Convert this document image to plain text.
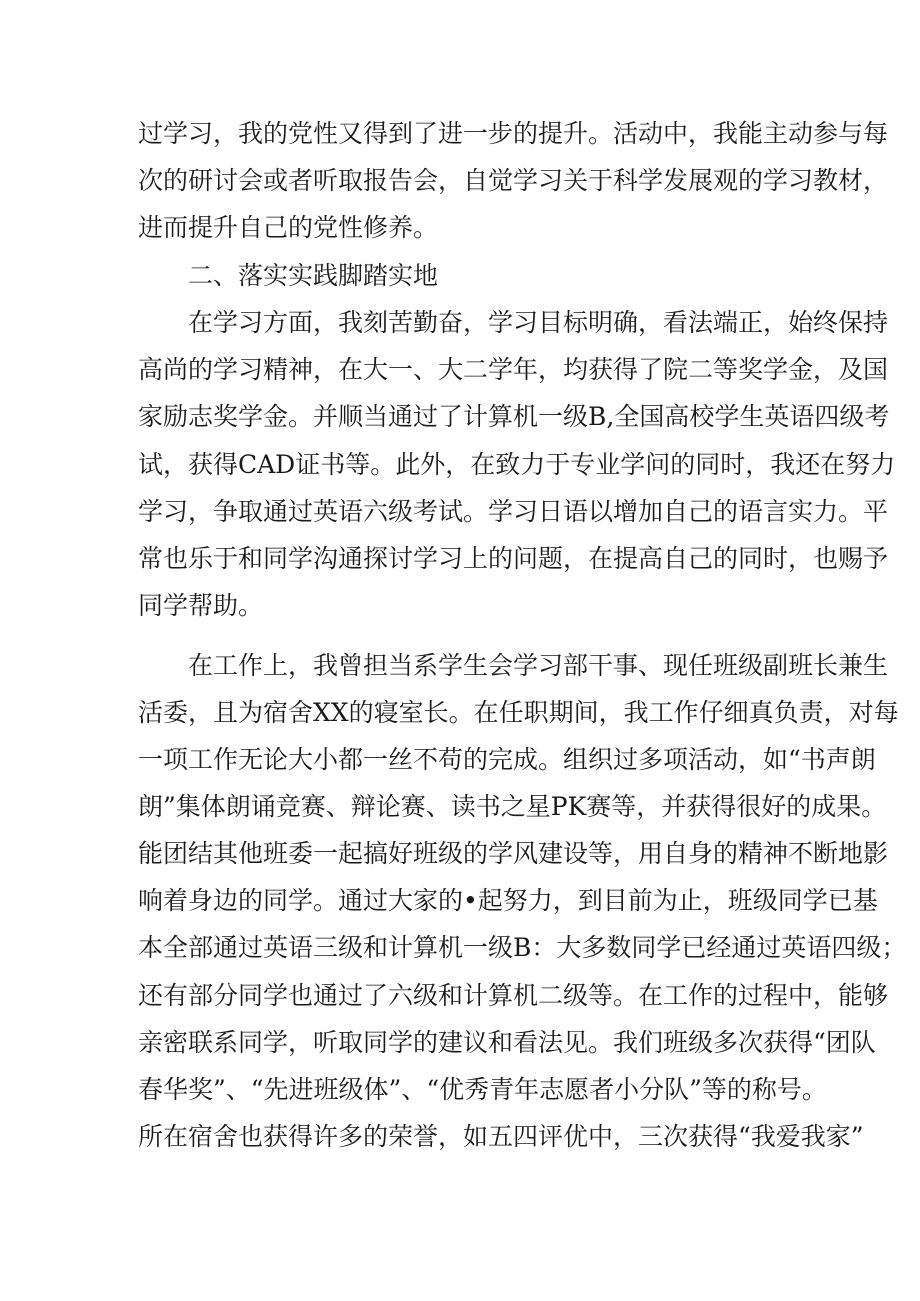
过学习，我的党性又得到了进一步的提升。活动中，我能主动参与每
次的研讨会或者听取报告会，自觉学习关于科学发展观的学习教材，
进而提升自己的党性修养。
二、落实实践脚踏实地
在学习方面，我刻苦勤奋，学习目标明确，看法端正，始终保持
高尚的学习精神，在大一、大二学年，均获得了院二等奖学金，及国
家励志奖学金。并顺当通过了计算机一级B,全国高校学生英语四级考
试，获得CAD证书等。此外，在致力于专业学问的同时，我还在努力
学习，争取通过英语六级考试。学习日语以增加自己的语言实力。平
常也乐于和同学沟通探讨学习上的问题，在提高自己的同时，也赐予
同学帮助。
在工作上，我曾担当系学生会学习部干事、现任班级副班长兼生
活委，且为宿舍XX的寝室长。在任职期间，我工作仔细真负责，对每
一项工作无论大小都一丝不苟的完成。组织过多项活动，如“书声朗
朗”集体朗诵竞赛、辩论赛、读书之星PK赛等，并获得很好的成果。
能团结其他班委一起搞好班级的学风建设等，用自身的精神不断地影
响着身边的同学。通过大家的•起努力，到目前为止，班级同学已基
本全部通过英语三级和计算机一级B：大多数同学已经通过英语四级；
还有部分同学也通过了六级和计算机二级等。在工作的过程中，能够
亲密联系同学，听取同学的建议和看法见。我们班级多次获得“团队
春华奖”、“先进班级体”、“优秀青年志愿者小分队”等的称号。
所在宿舍也获得许多的荣誉，如五四评优中，三次获得“我爱我家”
